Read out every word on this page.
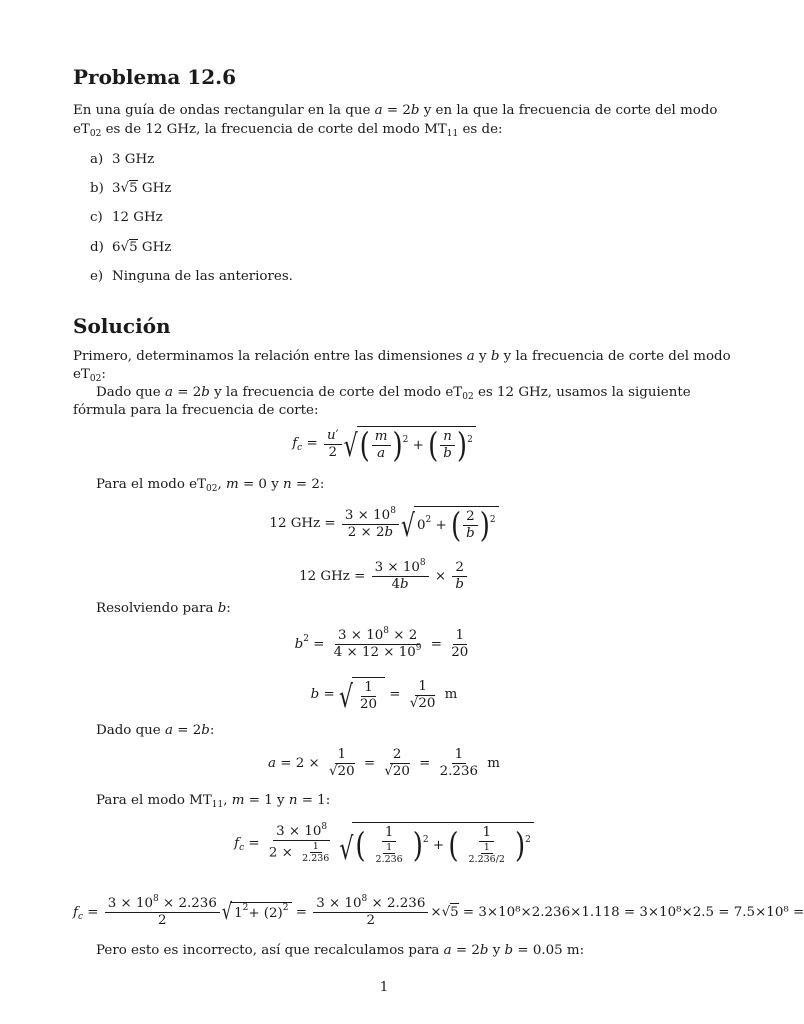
Problema 12.6
En una guía de ondas rectangular en la que a = 2b y en la que la frecuencia de corte del modo
$eT_{02}$ es de 12 GHz, la frecuencia de corte del modo $MT_{11}$ es de:
a) 3 GHz
b) 3√5 GHz
c) 12 GHz
d) 6√5 GHz
e) Ninguna de las anteriores.
Solución
Primero, determinamos la relación entre las dimensiones a y b y la frecuencia de corte del modo
$eT_{02}$:
Dado que a = 2b y la frecuencia de corte del modo $eT_{02}$ es 12 GHz, usamos la siguiente
fórmula para la frecuencia de corte:
$f_c = \frac{u'}{2}$ √ ( $\frac{m}{a} )^2$ + ( $\frac{n}{b} )^2$
Para el modo $eT_{02}$, m = 0 y n = 2:
12 GHz = $\frac{3 \times 10^8}{2 \times 2b}$ √ $0^2$ + ( $\frac{2}{b} )^2$
12 GHz = $\frac{3 \times 10^8}{4b} \times \frac{2}{b}$
Resolviendo para b:
$b^2 = \frac{3 \times 10^8 \times 2}{4 \times 12 \times 10^9} = \frac{1}{20}$
b = √ $\frac{1}{20} = \frac{1}{√20}$ m
Dado que a = 2b:
$a = 2 \times \frac{1}{√20} = \frac{2}{√20} = \frac{1}{2.236}$ m
Para el modo $MT_{11}$, m = 1 y n = 1:
$f_c = \frac{3 \times 10^8}{2 \times \frac{1}{2.236}}$ √ ( $\frac{1}{\frac{1}{2.236}} )^2$ + ( $\frac{1}{\frac{1}{2.236/2}} )^2$
$f_c = \frac{3 \times 10^8 \times 2.236}{2}$ √ $1^2 + (2)^2 = \frac{3 \times 10^8 \times 2.236}{2}$ ×√ 5
= 3×10⁸×2.236×1.118 = 3×10⁸×2.5 = 7.5×10⁸ =
Pero esto es incorrecto, así que recalculamos para a = 2b y b = 0.05 m:
1
